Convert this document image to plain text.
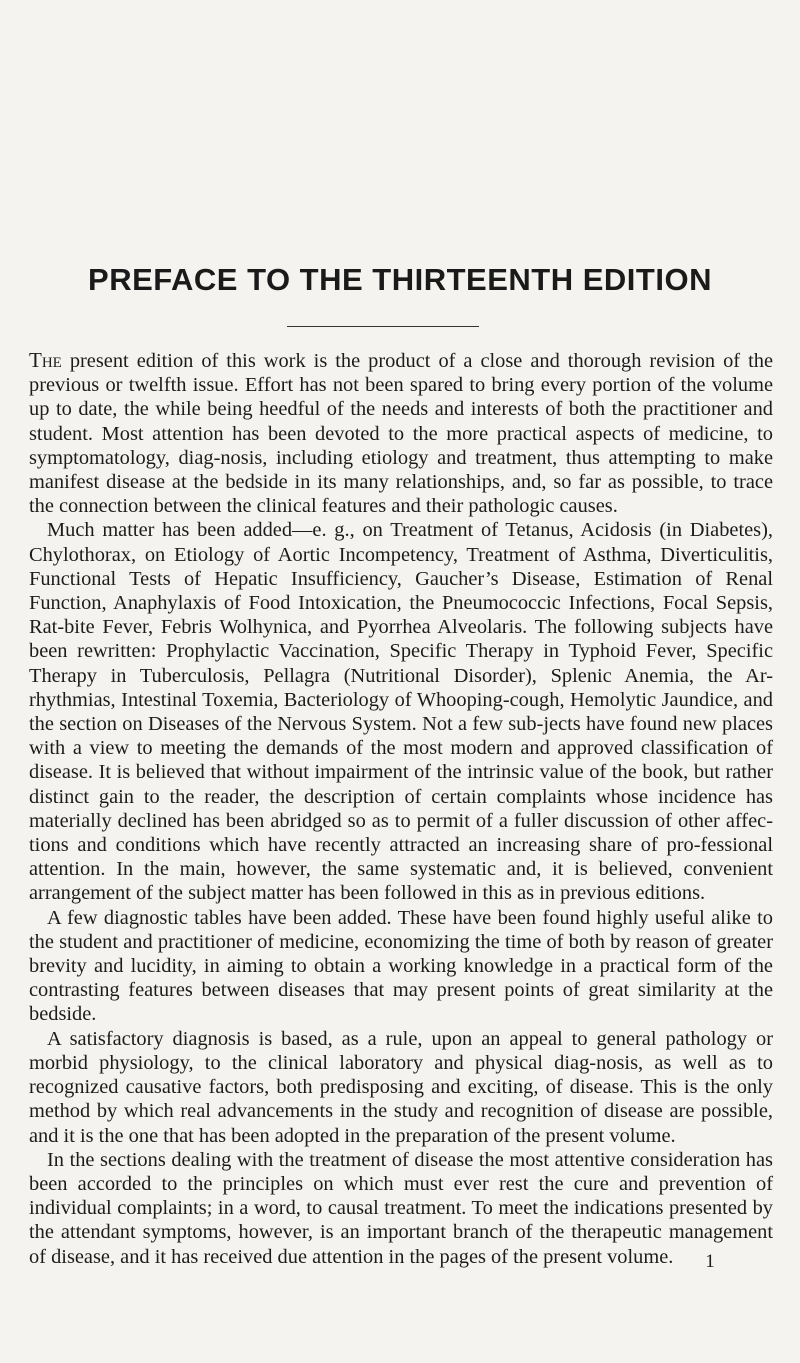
PREFACE TO THE THIRTEENTH EDITION

The present edition of this work is the product of a close and thorough revision of the previous or twelfth issue. Effort has not been spared to bring every portion of the volume up to date, the while being heedful of the needs and interests of both the practitioner and student. Most attention has been devoted to the more practical aspects of medicine, to symptomatology, diag-nosis, including etiology and treatment, thus attempting to make manifest disease at the bedside in its many relationships, and, so far as possible, to trace the connection between the clinical features and their pathologic causes.

Much matter has been added—e. g., on Treatment of Tetanus, Acidosis (in Diabetes), Chylothorax, on Etiology of Aortic Incompetency, Treatment of Asthma, Diverticulitis, Functional Tests of Hepatic Insufficiency, Gaucher’s Disease, Estimation of Renal Function, Anaphylaxis of Food Intoxication, the Pneumococcic Infections, Focal Sepsis, Rat-bite Fever, Febris Wolhynica, and Pyorrhea Alveolaris. The following subjects have been rewritten: Prophylactic Vaccination, Specific Therapy in Typhoid Fever, Specific Therapy in Tuberculosis, Pellagra (Nutritional Disorder), Splenic Anemia, the Ar-rhythmias, Intestinal Toxemia, Bacteriology of Whooping-cough, Hemolytic Jaundice, and the section on Diseases of the Nervous System. Not a few sub-jects have found new places with a view to meeting the demands of the most modern and approved classification of disease. It is believed that without impairment of the intrinsic value of the book, but rather distinct gain to the reader, the description of certain complaints whose incidence has materially declined has been abridged so as to permit of a fuller discussion of other affec-tions and conditions which have recently attracted an increasing share of pro-fessional attention. In the main, however, the same systematic and, it is believed, convenient arrangement of the subject matter has been followed in this as in previous editions.

A few diagnostic tables have been added. These have been found highly useful alike to the student and practitioner of medicine, economizing the time of both by reason of greater brevity and lucidity, in aiming to obtain a working knowledge in a practical form of the contrasting features between diseases that may present points of great similarity at the bedside.

A satisfactory diagnosis is based, as a rule, upon an appeal to general pathology or morbid physiology, to the clinical laboratory and physical diag-nosis, as well as to recognized causative factors, both predisposing and exciting, of disease. This is the only method by which real advancements in the study and recognition of disease are possible, and it is the one that has been adopted in the preparation of the present volume.

In the sections dealing with the treatment of disease the most attentive consideration has been accorded to the principles on which must ever rest the cure and prevention of individual complaints; in a word, to causal treatment. To meet the indications presented by the attendant symptoms, however, is an important branch of the therapeutic management of disease, and it has received due attention in the pages of the present volume.	1
